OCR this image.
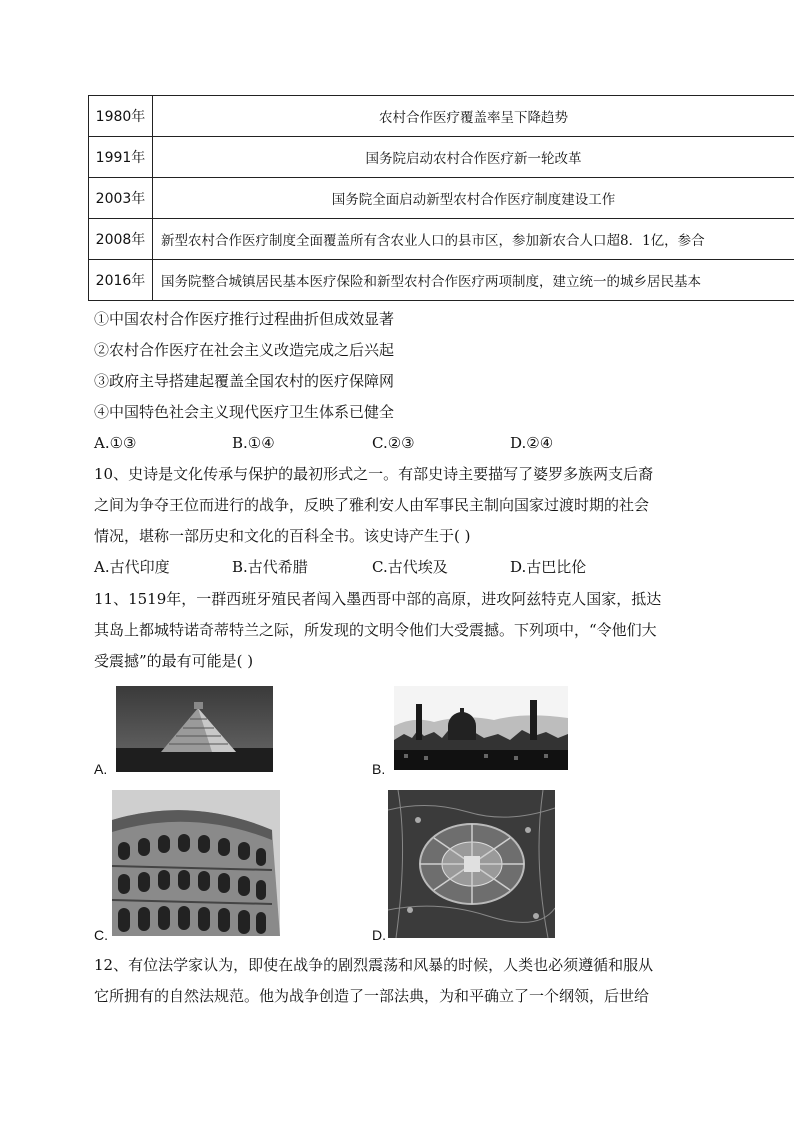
1980年	农村合作医疗覆盖率呈下降趋势
1991年	国务院启动农村合作医疗新一轮改革
2003年	国务院全面启动新型农村合作医疗制度建设工作
2008年	新型农村合作医疗制度全面覆盖所有含农业人口的县市区，参加新农合人口超8．1亿，参合
2016年	国务院整合城镇居民基本医疗保险和新型农村合作医疗两项制度，建立统一的城乡居民基本
①中国农村合作医疗推行过程曲折但成效显著
②农村合作医疗在社会主义改造完成之后兴起
③政府主导搭建起覆盖全国农村的医疗保障网
④中国特色社会主义现代医疗卫生体系已健全
A.①③	B.①④	C.②③	D.②④
10、史诗是文化传承与保护的最初形式之一。有部史诗主要描写了婆罗多族两支后裔
之间为争夺王位而进行的战争，反映了雅利安人由军事民主制向国家过渡时期的社会
情况，堪称一部历史和文化的百科全书。该史诗产生于( )
A.古代印度	B.古代希腊	C.古代埃及	D.古巴比伦
11、1519年，一群西班牙殖民者闯入墨西哥中部的高原，进攻阿兹特克人国家，抵达
其岛上都城特诺奇蒂特兰之际，所发现的文明令他们大受震撼。下列项中，“令他们大
受震撼”的最有可能是( )
A.	B.
C.	D.
12、有位法学家认为，即使在战争的剧烈震荡和风暴的时候，人类也必须遵循和服从
它所拥有的自然法规范。他为战争创造了一部法典，为和平确立了一个纲领，后世给
